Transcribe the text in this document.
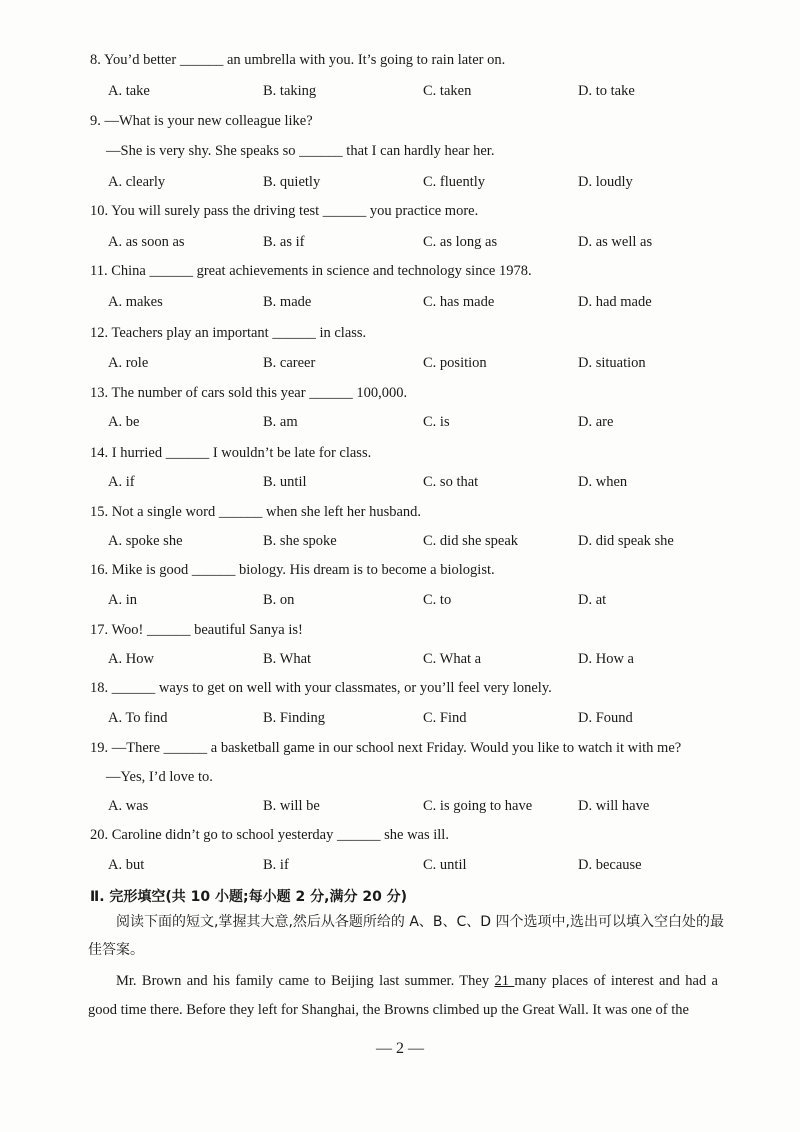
8. You’d better ______ an umbrella with you. It’s going to rain later on.
A. take	B. taking	C. taken	D. to take
9. —What is your new colleague like?
—She is very shy. She speaks so ______ that I can hardly hear her.
A. clearly	B. quietly	C. fluently	D. loudly
10. You will surely pass the driving test ______ you practice more.
A. as soon as	B. as if	C. as long as	D. as well as
11. China ______ great achievements in science and technology since 1978.
A. makes	B. made	C. has made	D. had made
12. Teachers play an important ______ in class.
A. role	B. career	C. position	D. situation
13. The number of cars sold this year ______ 100,000.
A. be	B. am	C. is	D. are
14. I hurried ______ I wouldn’t be late for class.
A. if	B. until	C. so that	D. when
15. Not a single word ______ when she left her husband.
A. spoke she	B. she spoke	C. did she speak	D. did speak she
16. Mike is good ______ biology. His dream is to become a biologist.
A. in	B. on	C. to	D. at
17. Woo! ______ beautiful Sanya is!
A. How	B. What	C. What a	D. How a
18. ______ ways to get on well with your classmates, or you’ll feel very lonely.
A. To find	B. Finding	C. Find	D. Found
19. —There ______ a basketball game in our school next Friday. Would you like to watch it with me?
—Yes, I’d love to.
A. was	B. will be	C. is going to have	D. will have
20. Caroline didn’t go to school yesterday ______ she was ill.
A. but	B. if	C. until	D. because
Ⅱ. 完形填空(共 10 小题;每小题 2 分,满分 20 分)
阅读下面的短文,掌握其大意,然后从各题所给的 A、B、C、D 四个选项中,选出可以填入空白处的最佳答案。
Mr. Brown and his family came to Beijing last summer. They 21 many places of interest and had a good time there. Before they left for Shanghai, the Browns climbed up the Great Wall. It was one of the
— 2 —
